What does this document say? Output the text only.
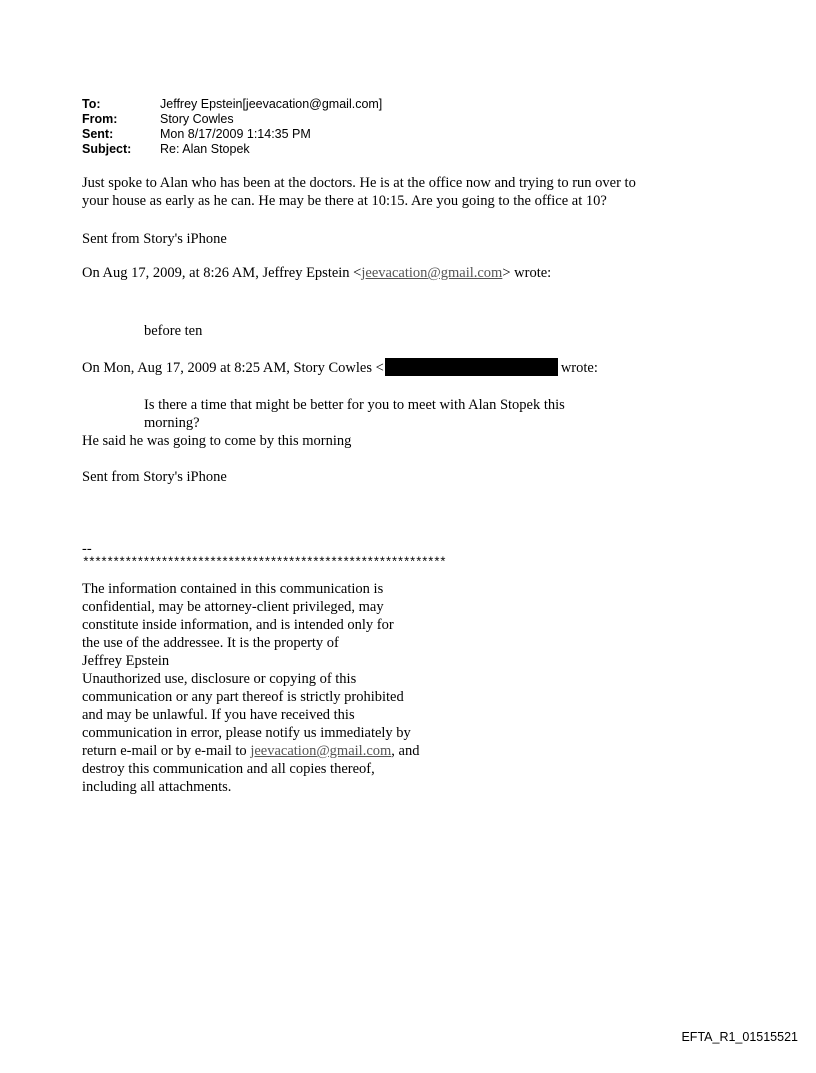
To:	Jeffrey Epstein[jeevacation@gmail.com]
From:	Story Cowles
Sent:	Mon 8/17/2009 1:14:35 PM
Subject:	Re: Alan Stopek
Just spoke to Alan who has been at the doctors. He is at the office now and trying to run over to
your house as early as he can. He may be there at 10:15. Are you going to the office at 10?
Sent from Story's iPhone
On Aug 17, 2009, at 8:26 AM, Jeffrey Epstein <jeevacation@gmail.com> wrote:
before ten
On Mon, Aug 17, 2009 at 8:25 AM, Story Cowles <	wrote:
Is there a time that might be better for you to meet with Alan Stopek this
morning?
He said he was going to come by this morning
Sent from Story's iPhone
--
************************************************************
The information contained in this communication is
confidential, may be attorney-client privileged, may
constitute inside information, and is intended only for
the use of the addressee. It is the property of
Jeffrey Epstein
Unauthorized use, disclosure or copying of this
communication or any part thereof is strictly prohibited
and may be unlawful. If you have received this
communication in error, please notify us immediately by
return e-mail or by e-mail to jeevacation@gmail.com, and
destroy this communication and all copies thereof,
including all attachments.
EFTA_R1_01515521
